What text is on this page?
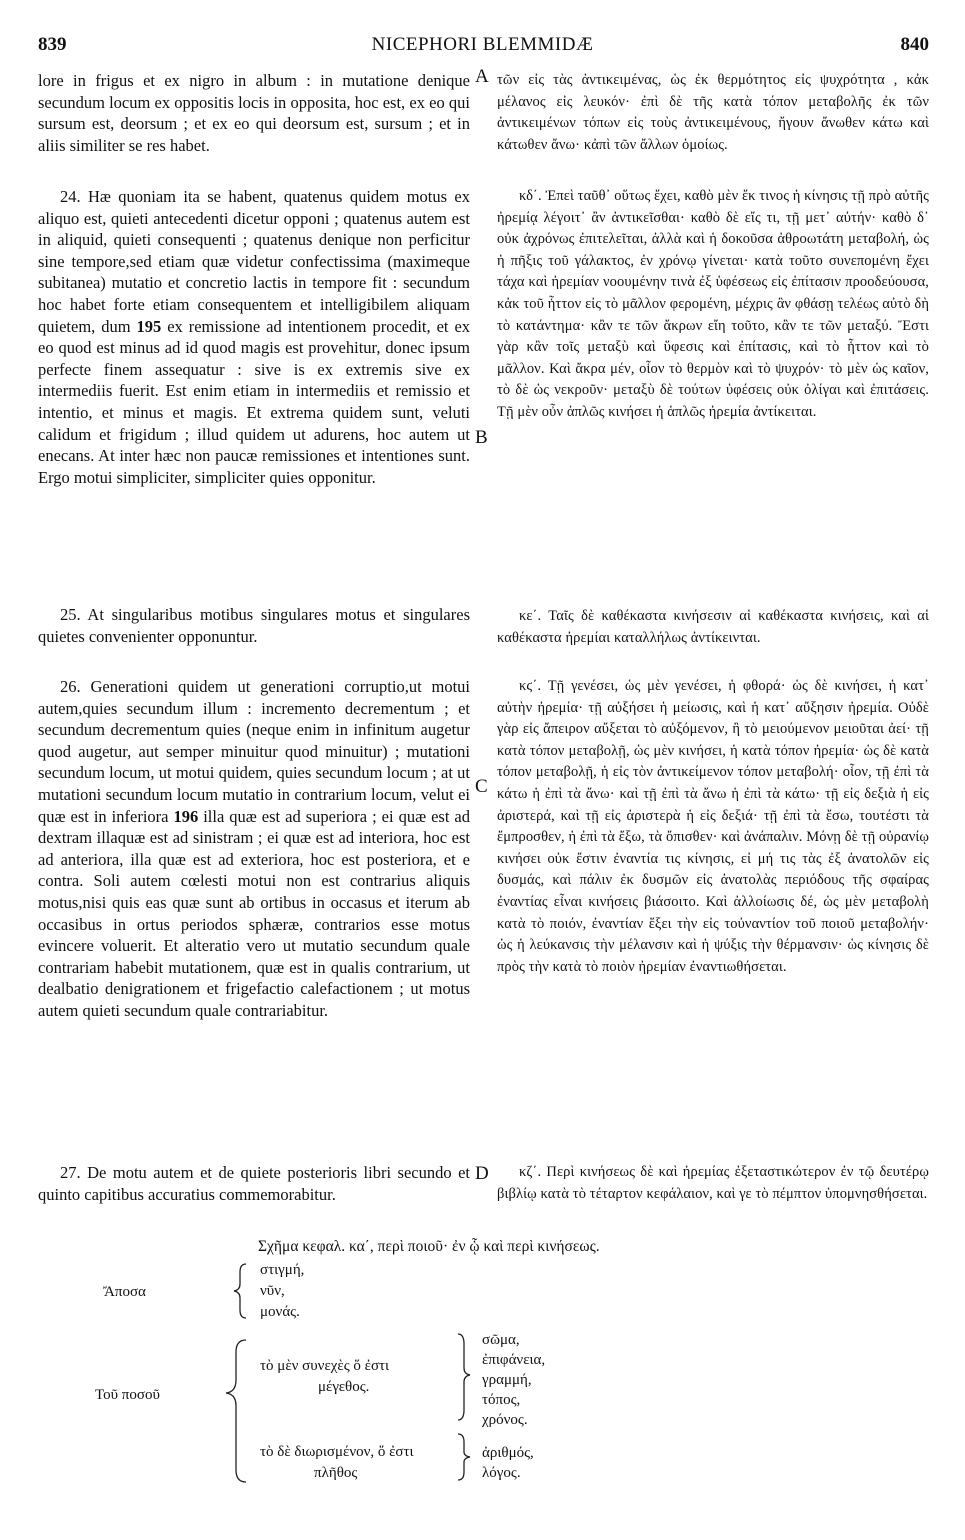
839	NICEPHORI BLEMMIDÆ	840
A
B
C
D

lore in frigus et ex nigro in album : in mutatione denique secundum locum ex oppositis locis in opposita, hoc est, ex eo qui sursum est, deorsum ; et ex eo qui deorsum est, sursum ; et in aliis similiter se res habet.

24. Hæ quoniam ita se habent, quatenus quidem motus ex aliquo est, quieti antecedenti dicetur opponi ; quatenus autem est in aliquid, quieti consequenti ; quatenus denique non perficitur sine tempore,sed etiam quæ videtur confectissima (maximeque subitanea) mutatio et concretio lactis in tempore fit : secundum hoc habet forte etiam consequentem et intelligibilem aliquam quietem, dum 195 ex remissione ad intentionem procedit, et ex eo quod est minus ad id quod magis est provehitur, donec ipsum perfecte finem assequatur : sive is ex extremis sive ex intermediis fuerit. Est enim etiam in intermediis et remissio et intentio, et minus et magis. Et extrema quidem sunt, veluti calidum et frigidum ; illud quidem ut adurens, hoc autem ut enecans. At inter hæc non paucæ remissiones et intentiones sunt. Ergo motui simpliciter, simpliciter quies opponitur.

25. At singularibus motibus singulares motus et singulares quietes convenienter opponuntur.

26. Generationi quidem ut generationi corruptio,ut motui autem,quies secundum illum : incremento decrementum ; et secundum decrementum quies (neque enim in infinitum augetur quod augetur, aut semper minuitur quod minuitur) ; mutationi secundum locum, ut motui quidem, quies secundum locum ; at ut mutationi secundum locum mutatio in contrarium locum, velut ei quæ est in inferiora 196 illa quæ est ad superiora ; ei quæ est ad dextram illaquæ est ad sinistram ; ei quæ est ad interiora, hoc est ad anteriora, illa quæ est ad exteriora, hoc est posteriora, et e contra. Soli autem cœlesti motui non est contrarius aliquis motus,nisi quis eas quæ sunt ab ortibus in occasus et iterum ab occasibus in ortus periodos sphæræ, contrarios esse motus evincere voluerit. Et alteratio vero ut mutatio secundum quale contrariam habebit mutationem, quæ est in qualis contrarium, ut dealbatio denigrationem et frigefactio calefactionem ; ut motus autem quieti secundum quale contrariabitur.

27. De motu autem et de quiete posterioris libri secundo et quinto capitibus accuratius commemorabitur.

τῶν εἰς τὰς ἀντικειμένας, ὡς ἐκ θερμότητος εἰς ψυχρότητα , κἀκ μέλανος εἰς λευκόν· ἐπὶ δὲ τῆς κατὰ τόπον μεταβολῆς ἐκ τῶν ἀντικειμένων τόπων εἰς τοὺς ἀντικειμένους, ἤγουν ἄνωθεν κάτω καὶ κάτωθεν ἄνω· κἀπὶ τῶν ἄλλων ὁμοίως.

κδ΄. Ἐπεὶ ταῦθ᾽ οὕτως ἔχει, καθὸ μὲν ἔκ τινος ἡ κίνησις τῇ πρὸ αὐτῆς ἠρεμίᾳ λέγοιτ᾽ ἂν ἀντικεῖσθαι· καθὸ δὲ εἴς τι, τῇ μετ᾽ αὐτήν· καθὸ δ᾽ οὐκ ἀχρόνως ἐπιτελεῖται, ἀλλὰ καὶ ἡ δοκοῦσα ἀθροωτάτη μεταβολή, ὡς ἡ πῆξις τοῦ γάλακτος, ἐν χρόνῳ γίνεται· κατὰ τοῦτο συνεπομένη ἔχει τάχα καὶ ἠρεμίαν νοουμένην τινὰ ἐξ ὑφέσεως εἰς ἐπίτασιν προοδεύουσα, κἀκ τοῦ ἧττον εἰς τὸ μᾶλλον φερομένη, μέχρις ἂν φθάσῃ τελέως αὐτὸ δὴ τὸ κατάντημα· κἂν τε τῶν ἄκρων εἴη τοῦτο, κἂν τε τῶν μεταξύ. Ἔστι γὰρ κἂν τοῖς μεταξὺ καὶ ὕφεσις καὶ ἐπίτασις, καὶ τὸ ἧττον καὶ τὸ μᾶλλον. Καὶ ἄκρα μέν, οἷον τὸ θερμὸν καὶ τὸ ψυχρόν· τὸ μὲν ὡς καῖον, τὸ δὲ ὡς νεκροῦν· μεταξὺ δὲ τούτων ὑφέσεις οὐκ ὀλίγαι καὶ ἐπιτάσεις. Τῇ μὲν οὖν ἁπλῶς κινήσει ἡ ἁπλῶς ἠρεμία ἀντίκειται.

κε΄. Ταῖς δὲ καθέκαστα κινήσεσιν αἱ καθέκαστα κινήσεις, καὶ αἱ καθέκαστα ἠρεμίαι καταλλήλως ἀντίκεινται.

κϛ΄. Τῇ γενέσει, ὡς μὲν γενέσει, ἡ φθορά· ὡς δὲ κινήσει, ἡ κατ᾽ αὐτὴν ἠρεμία· τῇ αὐξήσει ἡ μείωσις, καὶ ἡ κατ᾽ αὔξησιν ἠρεμία. Οὐδὲ γὰρ εἰς ἄπειρον αὔξεται τὸ αὐξόμενον, ἢ τὸ μειούμενον μειοῦται ἀεί· τῇ κατὰ τόπον μεταβολῇ, ὡς μὲν κινήσει, ἡ κατὰ τόπον ἠρεμία· ὡς δὲ κατὰ τόπον μεταβολῇ, ἡ εἰς τὸν ἀντικείμενον τόπον μεταβολή· οἷον, τῇ ἐπὶ τὰ κάτω ἡ ἐπὶ τὰ ἄνω· καὶ τῇ ἐπὶ τὰ ἄνω ἡ ἐπὶ τὰ κάτω· τῇ εἰς δεξιὰ ἡ εἰς ἀριστερά, καὶ τῇ εἰς ἀριστερὰ ἡ εἰς δεξιά· τῇ ἐπὶ τὰ ἔσω, τουτέστι τὰ ἔμπροσθεν, ἡ ἐπὶ τὰ ἔξω, τὰ ὄπισθεν· καὶ ἀνάπαλιν. Μόνῃ δὲ τῇ οὐρανίῳ κινήσει οὐκ ἔστιν ἐναντία τις κίνησις, εἰ μή τις τὰς ἐξ ἀνατολῶν εἰς δυσμάς, καὶ πάλιν ἐκ δυσμῶν εἰς ἀνατολὰς περιόδους τῆς σφαίρας ἐναντίας εἶναι κινήσεις βιάσοιτο. Καὶ ἀλλοίωσις δέ, ὡς μὲν μεταβολὴ κατὰ τὸ ποιόν, ἐναντίαν ἕξει τὴν εἰς τοὐναντίον τοῦ ποιοῦ μεταβολήν· ὡς ἡ λεύκανσις τὴν μέλανσιν καὶ ἡ ψύξις τὴν θέρμανσιν· ὡς κίνησις δὲ πρὸς τὴν κατὰ τὸ ποιὸν ἠρεμίαν ἐναντιωθήσεται.

κζ΄. Περὶ κινήσεως δὲ καὶ ἠρεμίας ἐξεταστικώτερον ἐν τῷ δευτέρῳ βιβλίῳ κατὰ τὸ τέταρτον κεφάλαιον, καὶ γε τὸ πέμπτον ὑπομνησθήσεται.

Σχῆμα κεφαλ. κα΄, περὶ ποιοῦ· ἐν ᾧ καὶ περὶ κινήσεως.
Ἄποσα
στιγμή,
νῦν,
μονάς.
Τοῦ ποσοῦ
τὸ μὲν συνεχὲς ὅ ἐστι
μέγεθος.
σῶμα,
ἐπιφάνεια,
γραμμή,
τόπος,
χρόνος.
τὸ δὲ διωρισμένον, ὅ ἐστι
πλῆθος
ἀριθμός,
λόγος.
